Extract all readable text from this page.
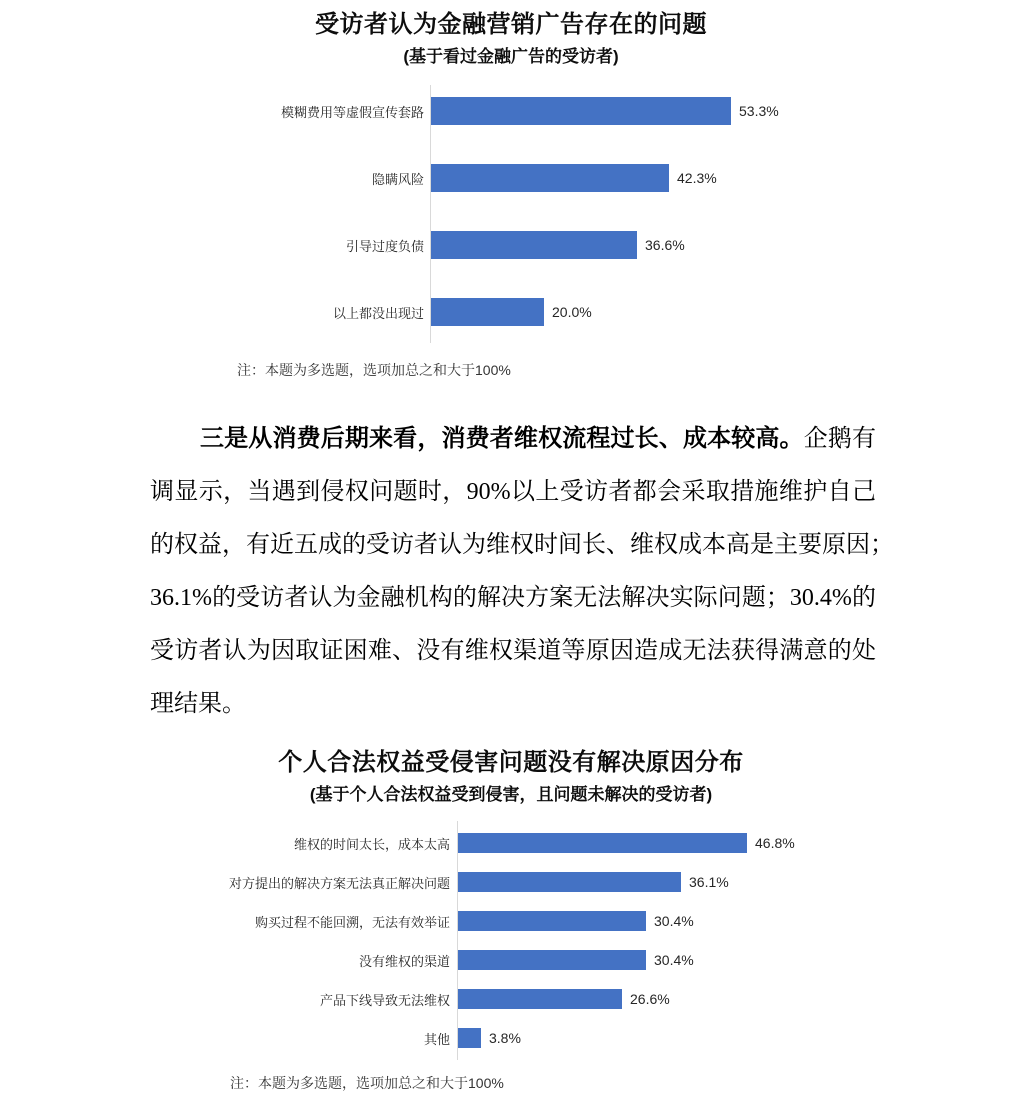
受访者认为金融营销广告存在的问题
(基于看过金融广告的受访者)
模糊费用等虚假宣传套路	53.3%
隐瞒风险	42.3%
引导过度负债	36.6%
以上都没出现过	20.0%
注：本题为多选题，选项加总之和大于100%
三是从消费后期来看，消费者维权流程过长、成本较高。企鹅有
调显示，当遇到侵权问题时，90%以上受访者都会采取措施维护自己
的权益，有近五成的受访者认为维权时间长、维权成本高是主要原因；
36.1%的受访者认为金融机构的解决方案无法解决实际问题；30.4%的
受访者认为因取证困难、没有维权渠道等原因造成无法获得满意的处
理结果。
个人合法权益受侵害问题没有解决原因分布
(基于个人合法权益受到侵害，且问题未解决的受访者)
维权的时间太长，成本太高	46.8%
对方提出的解决方案无法真正解决问题	36.1%
购买过程不能回溯，无法有效举证	30.4%
没有维权的渠道	30.4%
产品下线导致无法维权	26.6%
其他	3.8%
注：本题为多选题，选项加总之和大于100%
